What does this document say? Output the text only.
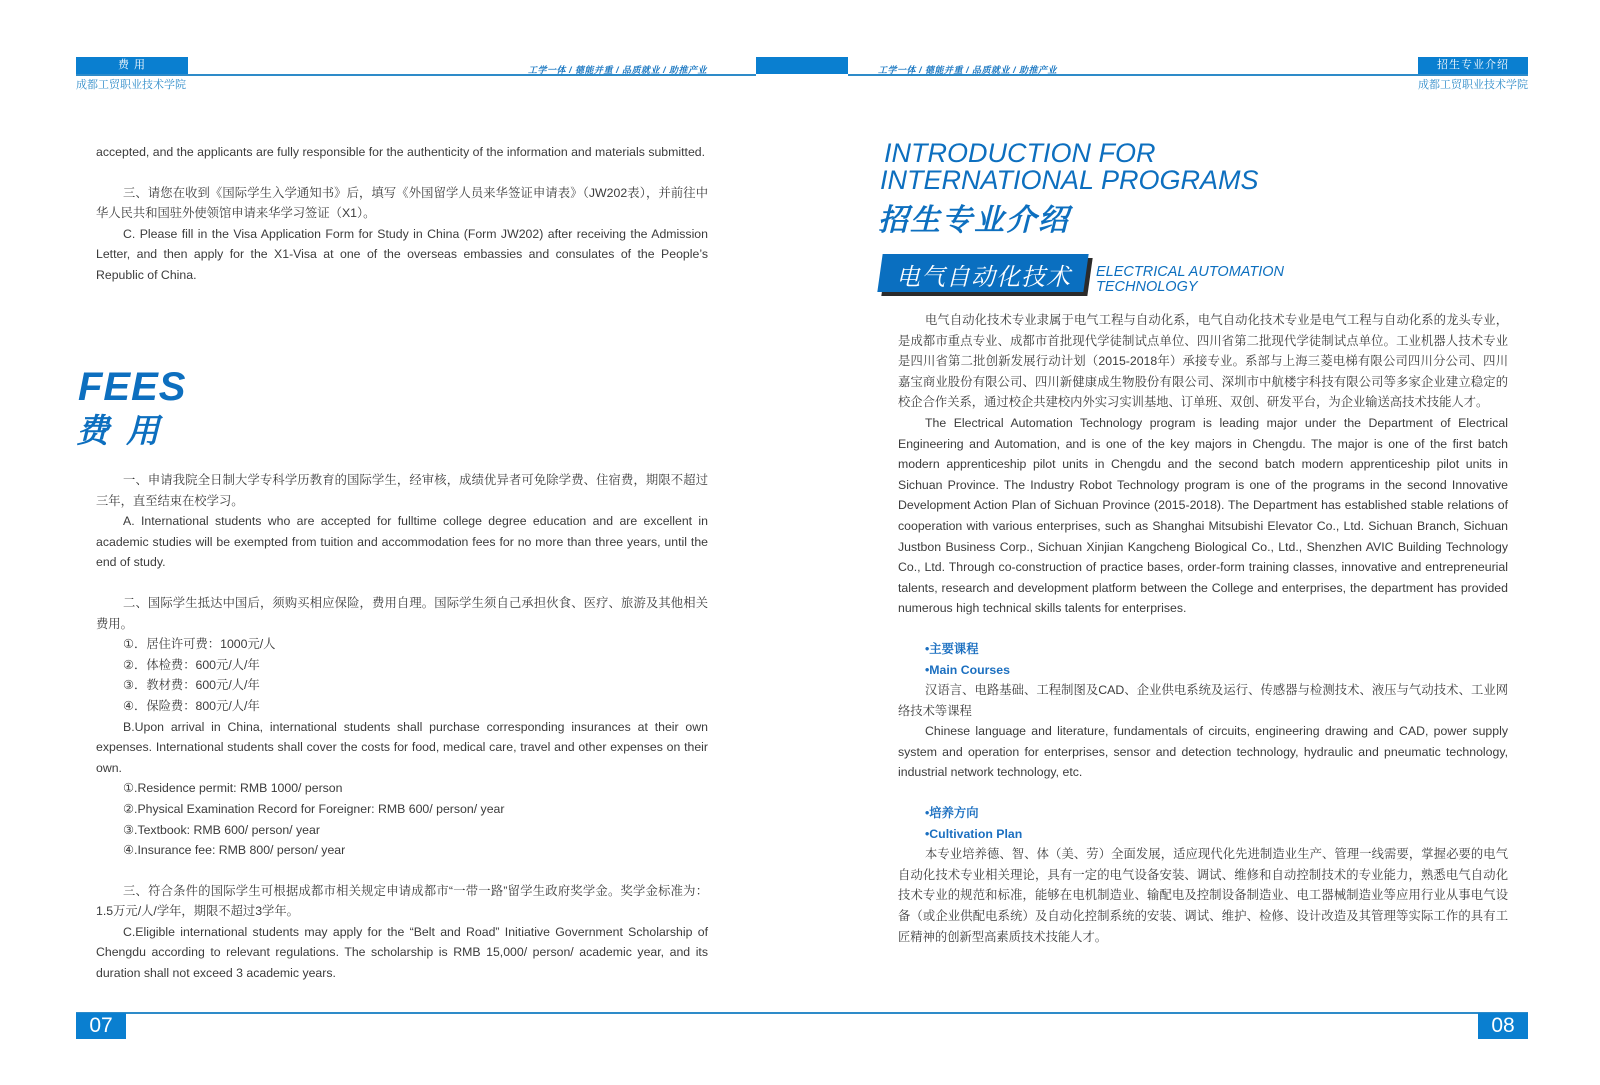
费 用
成都工贸职业技术学院
工学一体 / 德能并重 / 品质就业 / 助推产业	工学一体 / 德能并重 / 品质就业 / 助推产业	招生专业介绍
成都工贸职业技术学院

accepted, and the applicants are fully responsible for the authenticity of the information and materials submitted.

三、请您在收到《国际学生入学通知书》后，填写《外国留学人员来华签证申请表》（JW202表），并前往中华人民共和国驻外使领馆申请来华学习签证（X1）。

C. Please fill in the Visa Application Form for Study in China (Form JW202) after receiving the Admission Letter, and then apply for the X1-Visa at one of the overseas embassies and consulates of the People’s Republic of China.

FEES
费 用

一、申请我院全日制大学专科学历教育的国际学生，经审核，成绩优异者可免除学费、住宿费，期限不超过三年，直至结束在校学习。

A. International students who are accepted for fulltime college degree education and are excellent in academic studies will be exempted from tuition and accommodation fees for no more than three years, until the end of study.

二、国际学生抵达中国后，须购买相应保险，费用自理。国际学生须自己承担伙食、医疗、旅游及其他相关费用。

①．居住许可费：1000元/人

②．体检费：600元/人/年

③．教材费：600元/人/年

④．保险费：800元/人/年

B.Upon arrival in China, international students shall purchase corresponding insurances at their own expenses. International students shall cover the costs for food, medical care, travel and other expenses on their own.

①.Residence permit: RMB 1000/ person

②.Physical Examination Record for Foreigner: RMB 600/ person/ year

③.Textbook: RMB 600/ person/ year

④.Insurance fee: RMB 800/ person/ year

三、符合条件的国际学生可根据成都市相关规定申请成都市“一带一路”留学生政府奖学金。奖学金标准为：1.5万元/人/学年，期限不超过3学年。

C.Eligible international students may apply for the “Belt and Road” Initiative Government Scholarship of Chengdu according to relevant regulations. The scholarship is RMB 15,000/ person/ academic year, and its duration shall not exceed 3 academic years.

INTRODUCTION FOR
INTERNATIONAL PROGRAMS
招生专业介绍
电气自动化技术 ELECTRICAL AUTOMATION
TECHNOLOGY

电气自动化技术专业隶属于电气工程与自动化系，电气自动化技术专业是电气工程与自动化系的龙头专业，是成都市重点专业、成都市首批现代学徒制试点单位、四川省第二批现代学徒制试点单位。工业机器人技术专业是四川省第二批创新发展行动计划（2015-2018年）承接专业。系部与上海三菱电梯有限公司四川分公司、四川嘉宝商业股份有限公司、四川新健康成生物股份有限公司、深圳市中航楼宇科技有限公司等多家企业建立稳定的校企合作关系，通过校企共建校内外实习实训基地、订单班、双创、研发平台，为企业输送高技术技能人才。

The Electrical Automation Technology program is leading major under the Department of Electrical Engineering and Automation, and is one of the key majors in Chengdu. The major is one of the first batch modern apprenticeship pilot units in Chengdu and the second batch modern apprenticeship pilot units in Sichuan Province. The Industry Robot Technology program is one of the programs in the second Innovative Development Action Plan of Sichuan Province (2015-2018). The Department has established stable relations of cooperation with various enterprises, such as Shanghai Mitsubishi Elevator Co., Ltd. Sichuan Branch, Sichuan Justbon Business Corp., Sichuan Xinjian Kangcheng Biological Co., Ltd., Shenzhen AVIC Building Technology Co., Ltd. Through co-construction of practice bases, order-form training classes, innovative and entrepreneurial talents, research and development platform between the College and enterprises, the department has provided numerous high technical skills talents for enterprises.

•主要课程

•Main Courses

汉语言、电路基础、工程制图及CAD、企业供电系统及运行、传感器与检测技术、液压与气动技术、工业网络技术等课程

Chinese language and literature, fundamentals of circuits, engineering drawing and CAD, power supply system and operation for enterprises, sensor and detection technology, hydraulic and pneumatic technology, industrial network technology, etc.

•培养方向

•Cultivation Plan

本专业培养德、智、体（美、劳）全面发展，适应现代化先进制造业生产、管理一线需要，掌握必要的电气自动化技术专业相关理论，具有一定的电气设备安装、调试、维修和自动控制技术的专业能力，熟悉电气自动化技术专业的规范和标准，能够在电机制造业、输配电及控制设备制造业、电工器械制造业等应用行业从事电气设备（或企业供配电系统）及自动化控制系统的安装、调试、维护、检修、设计改造及其管理等实际工作的具有工匠精神的创新型高素质技术技能人才。

07	08
